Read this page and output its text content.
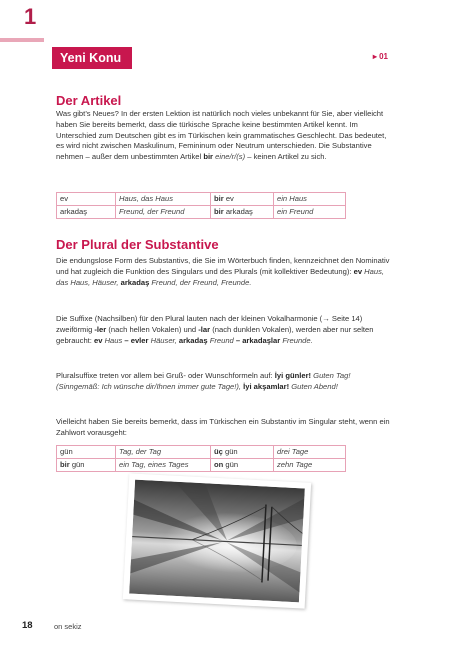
1
Yeni Konu	▸ 01
Der Artikel

Was gibt’s Neues? In der ersten Lektion ist natürlich noch vieles unbekannt für Sie, aber vielleicht haben Sie bereits bemerkt, dass die türkische Sprache keine bestimmten Artikel kennt. Im Unterschied zum Deutschen gibt es im Türkischen kein grammatisches Geschlecht. Das bedeutet, es wird nicht zwischen Maskulinum, Femininum oder Neutrum unterschieden. Die Substantive nehmen – außer dem unbestimmten Artikel bir eine/r/(s) – keinen Artikel zu sich.

ev	Haus, das Haus	bir ev	ein Haus
arkadaş	Freund, der Freund	bir arkadaş	ein Freund
Der Plural der Substantive

Die endungslose Form des Substantivs, die Sie im Wörterbuch finden, kennzeichnet den Nominativ und hat zugleich die Funktion des Singulars und des Plurals (mit kollektiver Bedeutung): ev Haus, das Haus, Häuser, arkadaş Freund, der Freund, Freunde.

Die Suffixe (Nachsilben) für den Plural lauten nach der kleinen Vokalharmonie (→ Seite 14) zweiförmig -ler (nach hellen Vokalen) und -lar (nach dunklen Vokalen), werden aber nur selten gebraucht: ev Haus – evler Häuser, arkadaş Freund – arkadaşlar Freunde.

Pluralsuffixe treten vor allem bei Gruß- oder Wunschformeln auf: İyi günler! Guten Tag! (Sinngemäß: Ich wünsche dir/Ihnen immer gute Tage!), İyi akşamlar! Guten Abend!

Vielleicht haben Sie bereits bemerkt, dass im Türkischen ein Substantiv im Singular steht, wenn ein Zahlwort vorausgeht:

gün	Tag, der Tag	üç gün	drei Tage
bir gün	ein Tag, eines Tages	on gün	zehn Tage
18	on sekiz
